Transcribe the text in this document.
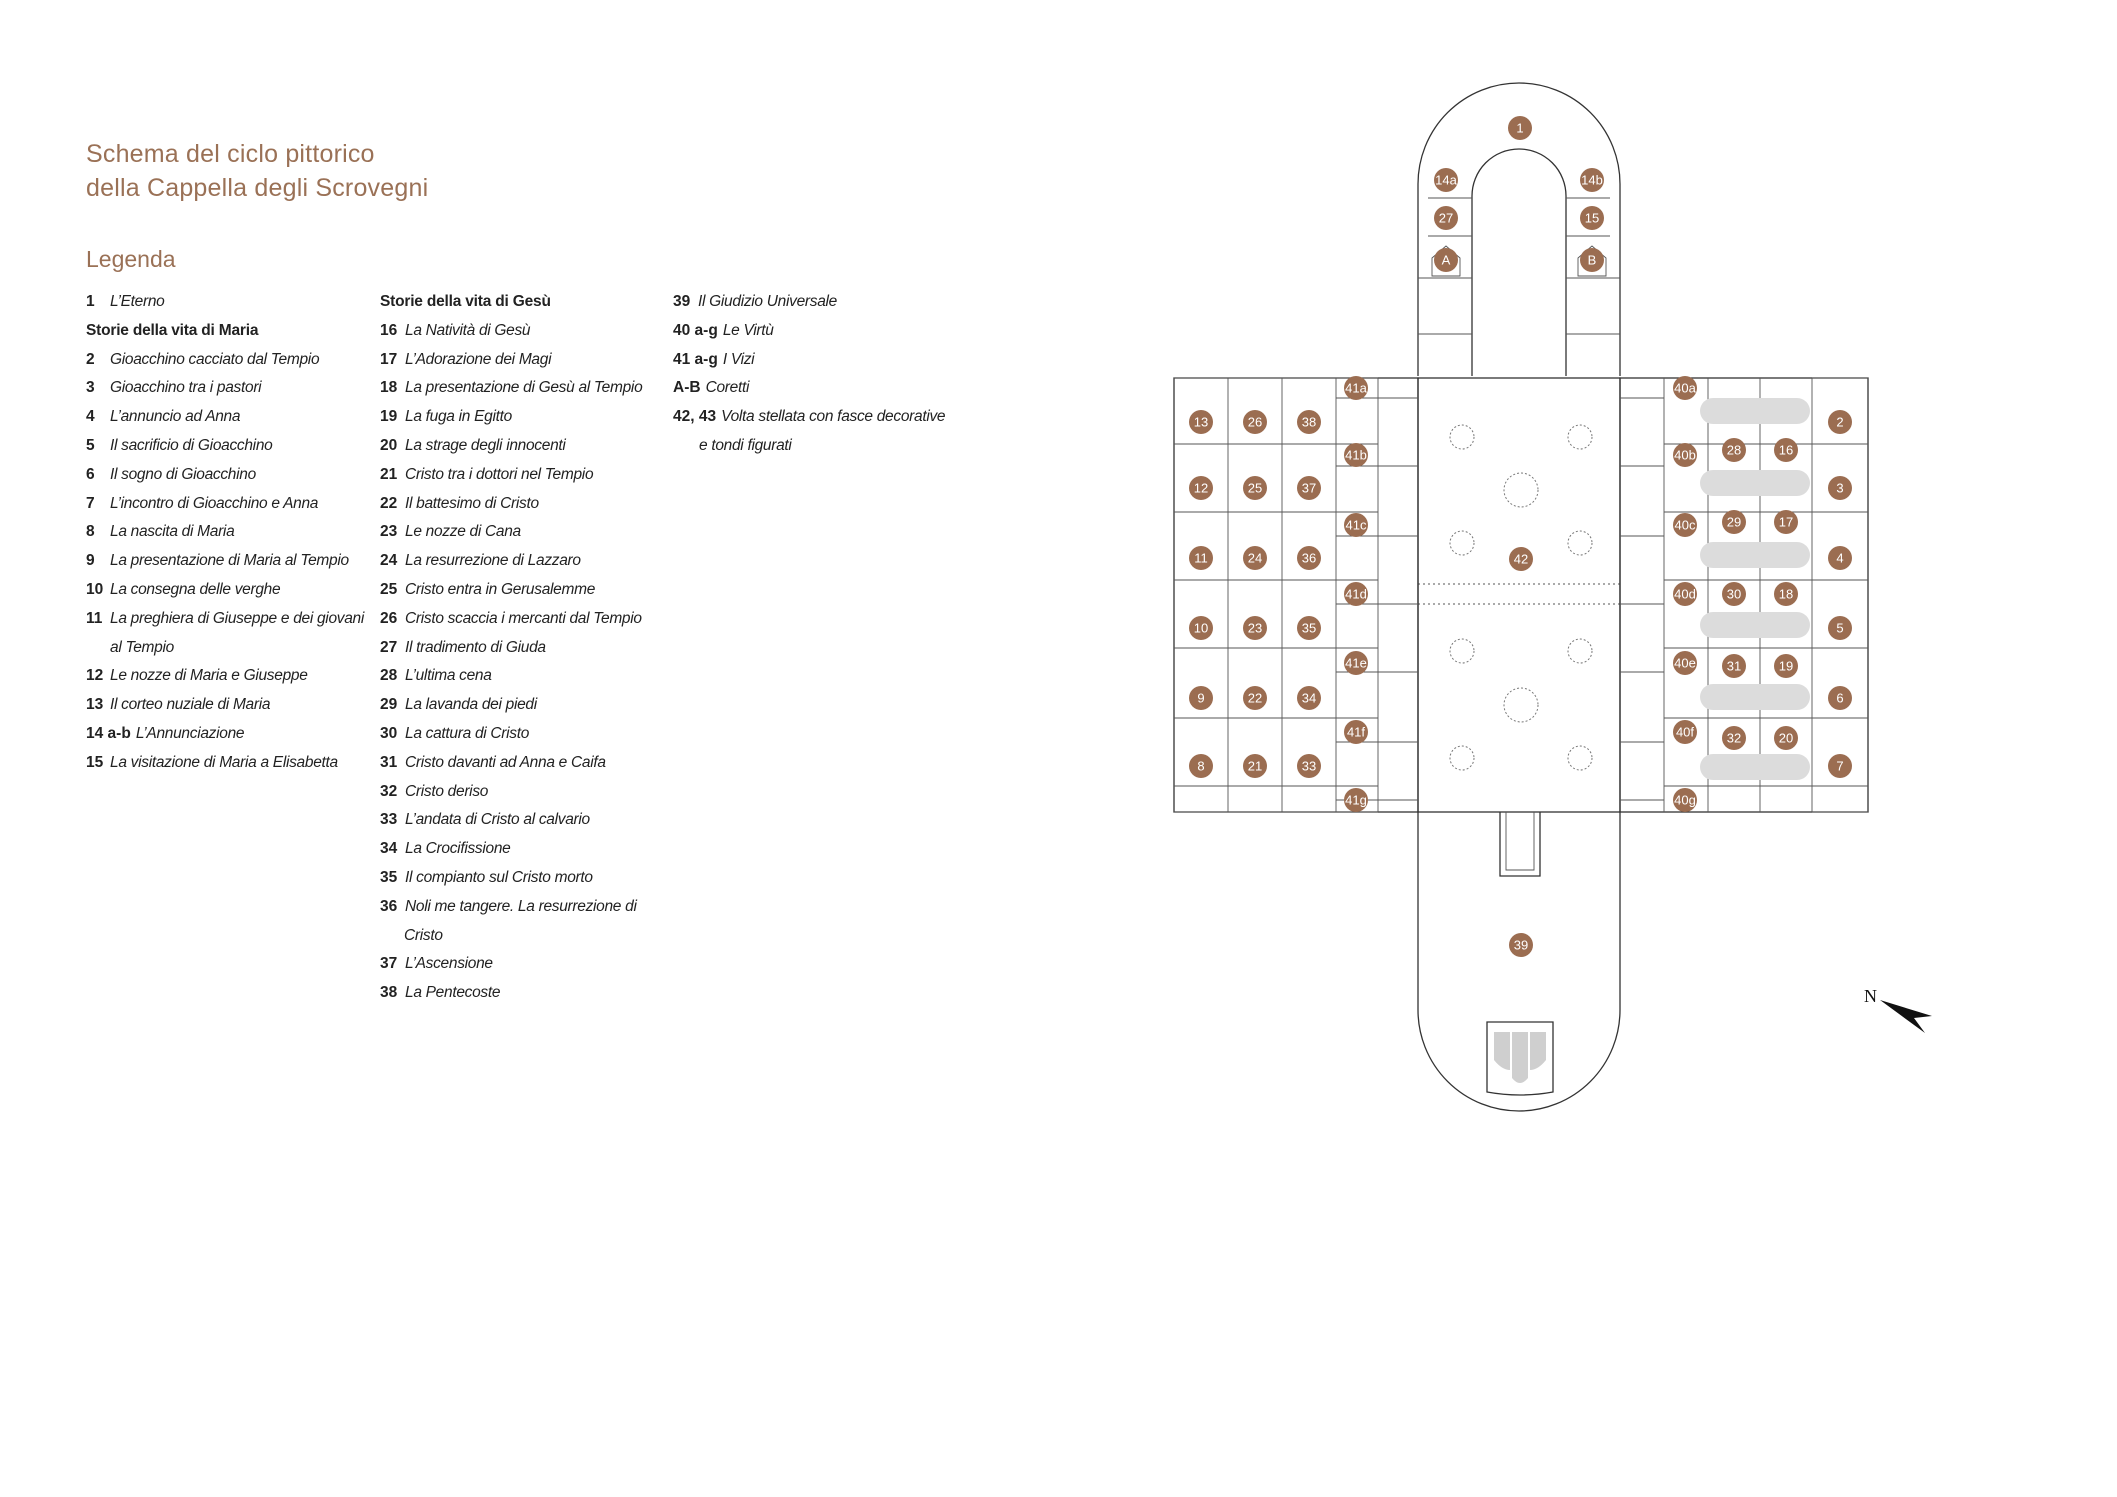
Schema del ciclo pittorico
della Cappella degli Scrovegni
Legenda
1 L’Eterno
Storie della vita di Maria
2 Gioacchino cacciato dal Tempio
3 Gioacchino tra i pastori
4 L’annuncio ad Anna
5 Il sacrificio di Gioacchino
6 Il sogno di Gioacchino
7 L’incontro di Gioacchino e Anna
8 La nascita di Maria
9 La presentazione di Maria al Tempio
10 La consegna delle verghe
11 La preghiera di Giuseppe e dei giovani
al Tempio
12 Le nozze di Maria e Giuseppe
13 Il corteo nuziale di Maria
14 a-b L’Annunciazione
15 La visitazione di Maria a Elisabetta
Storie della vita di Gesù
16 La Natività di Gesù
17 L’Adorazione dei Magi
18 La presentazione di Gesù al Tempio
19 La fuga in Egitto
20 La strage degli innocenti
21 Cristo tra i dottori nel Tempio
22 Il battesimo di Cristo
23 Le nozze di Cana
24 La resurrezione di Lazzaro
25 Cristo entra in Gerusalemme
26 Cristo scaccia i mercanti dal Tempio
27 Il tradimento di Giuda
28 L’ultima cena
29 La lavanda dei piedi
30 La cattura di Cristo
31 Cristo davanti ad Anna e Caifa
32 Cristo deriso
33 L’andata di Cristo al calvario
34 La Crocifissione
35 Il compianto sul Cristo morto
36 Noli me tangere. La resurrezione di
Cristo
37 L’Ascensione
38 La Pentecoste
39 Il Giudizio Universale
40 a-g Le Virtù
41 a-g I Vizi
A-B Coretti
42, 43 Volta stellata con fasce decorative
e tondi figurati
1
14a
27
A
14b
15
B
13	26	38
12	25	37
11	24	36
10	23	35
9	22	34
8	21	33
41a
41b
41c
41d
41e
41f
41g
40a
40b
40c
40d
40e
40f
40g
28	16
29	17
30	18
31	19
32	20
2
3
4
5
6
7
42
39
N
